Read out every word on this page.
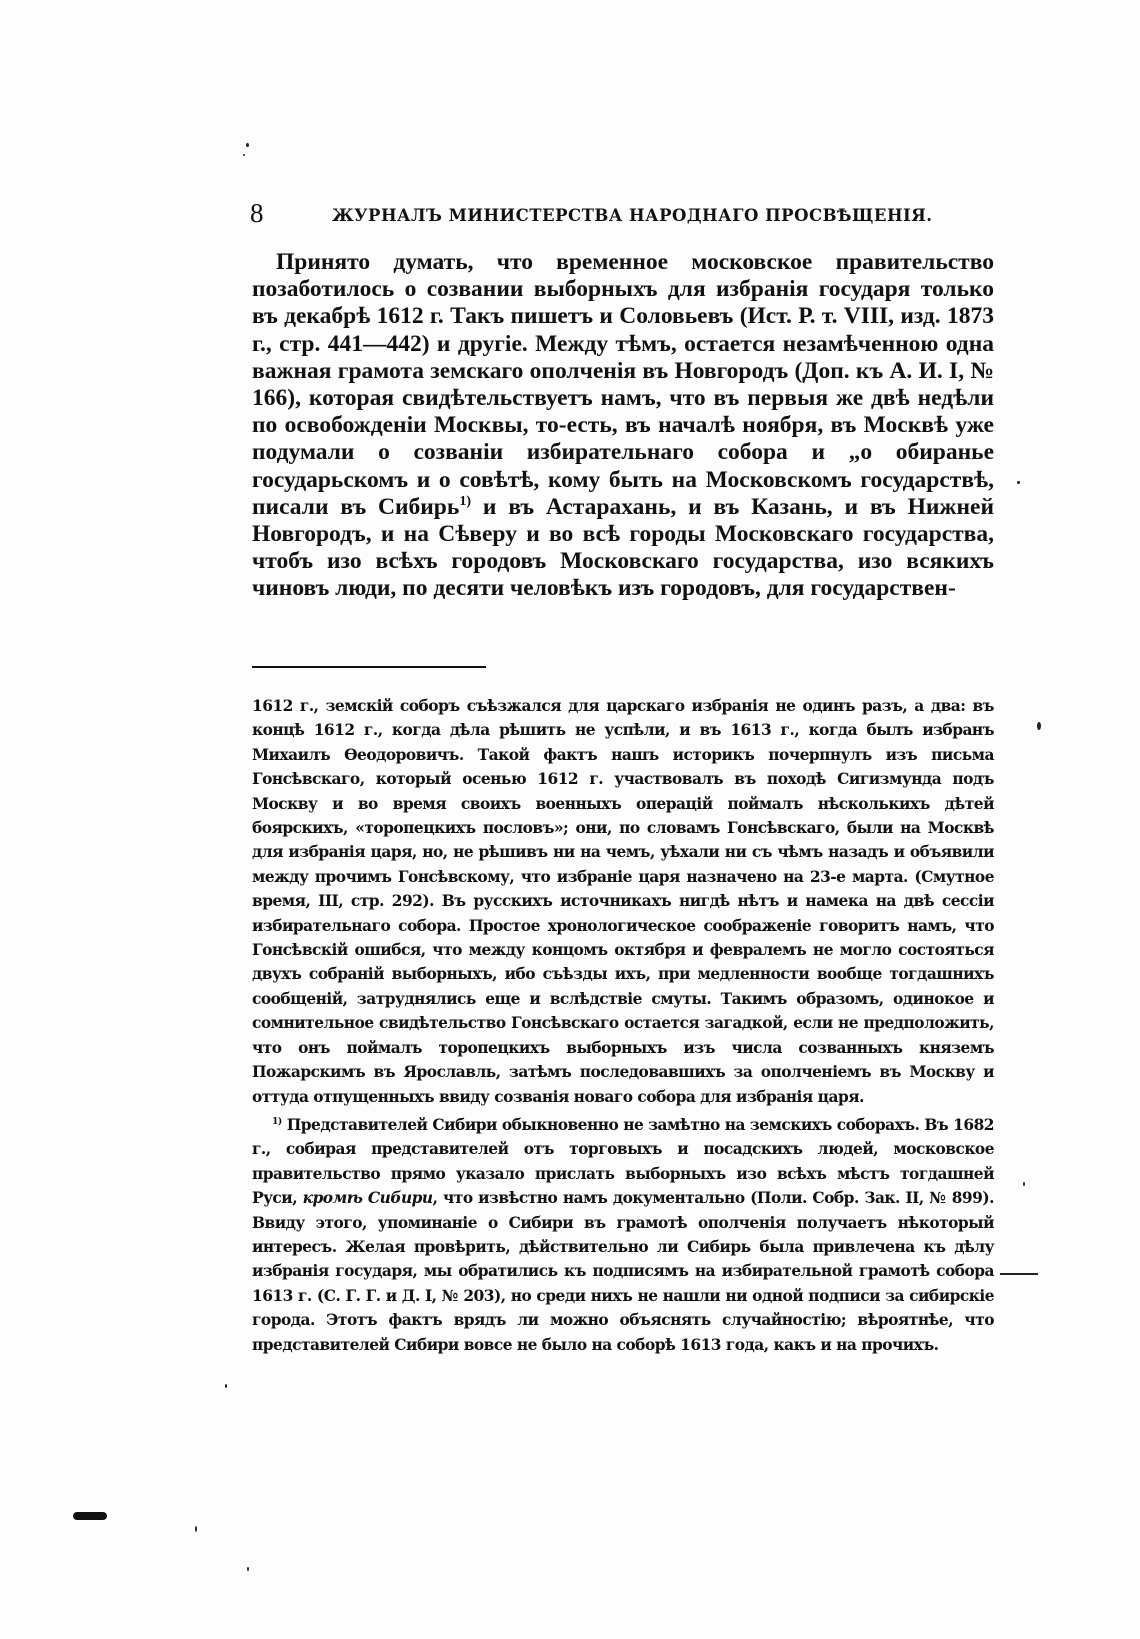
8	ЖУРНАЛЪ МИНИСТЕРСТВА НАРОДНАГО ПРОСВѢЩЕНІЯ.

Принято думать, что временное московское правительство позаботилось о созвании выборныхъ для избранія государя только въ декабрѣ 1612 г. Такъ пишетъ и Соловьевъ (Ист. Р. т. VIII, изд. 1873 г., стр. 441—442) и другіе. Между тѣмъ, остается незамѣченною одна важная грамота земскаго ополченія въ Новгородъ (Доп. къ А. И. I, № 166), которая свидѣтельствуетъ намъ, что въ первыя же двѣ недѣли по освобожденіи Москвы, то-есть, въ началѣ ноября, въ Москвѣ уже подумали о созваніи избирательнаго собора и „о обиранье государьскомъ и о совѣтѣ, кому быть на Московскомъ государствѣ, писали въ Сибирь$^{1)}$ и въ Астарахань, и въ Казань, и въ Нижней Новгородъ, и на Сѣверу и во всѣ городы Московскаго государства, чтобъ изо всѣхъ городовъ Московскаго государства, изо всякихъ чиновъ люди, по десяти человѣкъ изъ городовъ, для государствен-

1612 г., земскій соборъ съѣзжался для царскаго избранія не одинъ разъ, а два: въ концѣ 1612 г., когда дѣла рѣшить не успѣли, и въ 1613 г., когда былъ избранъ Михаилъ Ѳеодоровичъ. Такой фактъ нашъ историкъ почерпнулъ изъ письма Гонсѣвскаго, который осенью 1612 г. участвовалъ въ походѣ Сигизмунда подъ Москву и во время своихъ военныхъ операцій поймалъ нѣсколькихъ дѣтей боярскихъ, «торопецкихъ пословъ»; они, по словамъ Гонсѣвскаго, были на Москвѣ для избранія царя, но, не рѣшивъ ни на чемъ, уѣхали ни съ чѣмъ назадъ и объявили между прочимъ Гонсѣвскому, что избраніе царя назначено на 23-е марта. (Смутное время, III, стр. 292). Въ русскихъ источникахъ нигдѣ нѣтъ и намека на двѣ сессіи избирательнаго собора. Простое хронологическое соображеніе говоритъ намъ, что Гонсѣвскій ошибся, что между концомъ октября и февралемъ не могло состояться двухъ собраній выборныхъ, ибо съѣзды ихъ, при медленности вообще тогдашнихъ сообщеній, затруднялись еще и вслѣдствіе смуты. Такимъ образомъ, одинокое и сомнительное свидѣтельство Гонсѣвскаго остается загадкой, если не предположить, что онъ поймалъ торопецкихъ выборныхъ изъ числа созванныхъ княземъ Пожарскимъ въ Ярославль, затѣмъ последовавшихъ за ополченіемъ въ Москву и оттуда отпущенныхъ ввиду созванія новаго собора для избранія царя.

$^{1)}$ Представителей Сибири обыкновенно не замѣтно на земскихъ соборахъ. Въ 1682 г., собирая представителей отъ торговыхъ и посадскихъ людей, московское правительство прямо указало прислать выборныхъ изо всѣхъ мѣстъ тогдашней Руси, кромѣ Сибири, что извѣстно намъ документально (Поли. Собр. Зак. II, № 899). Ввиду этого, упоминаніе о Сибири въ грамотѣ ополченія получаетъ нѣкоторый интересъ. Желая провѣрить, дѣйствительно ли Сибирь была привлечена къ дѣлу избранія государя, мы обратились къ подписямъ на избирательной грамотѣ собора 1613 г. (С. Г. Г. и Д. I, № 203), но среди нихъ не нашли ни одной подписи за сибирскіе города. Этотъ фактъ врядъ ли можно объяснять случайностію; вѣроятнѣе, что представителей Сибири вовсе не было на соборѣ 1613 года, какъ и на прочихъ.
